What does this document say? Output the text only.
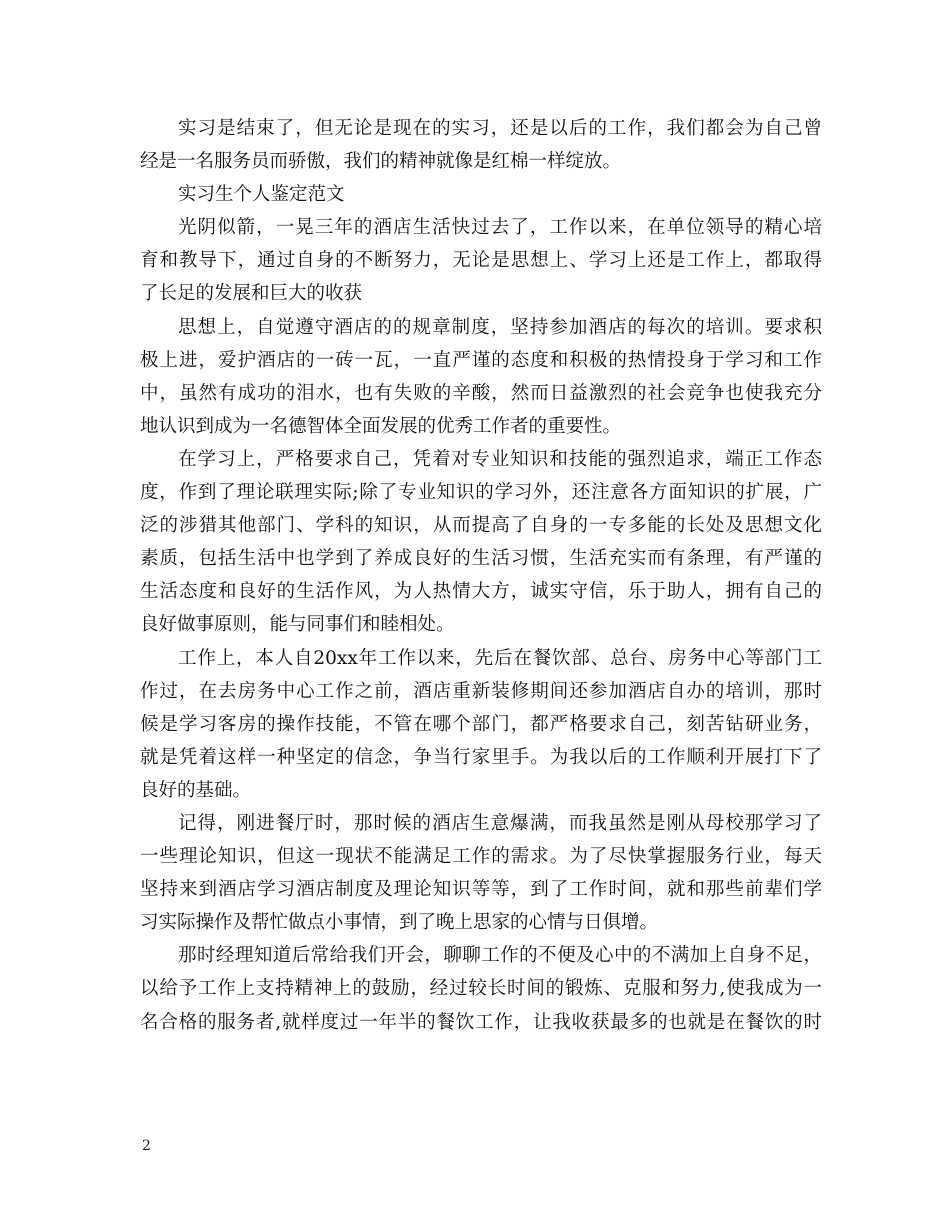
实习是结束了，但无论是现在的实习，还是以后的工作，我们都会为自己曾
经是一名服务员而骄傲，我们的精神就像是红棉一样绽放。
实习生个人鉴定范文
光阴似箭，一晃三年的酒店生活快过去了，工作以来，在单位领导的精心培
育和教导下，通过自身的不断努力，无论是思想上、学习上还是工作上，都取得
了长足的发展和巨大的收获
思想上，自觉遵守酒店的的规章制度，坚持参加酒店的每次的培训。要求积
极上进，爱护酒店的一砖一瓦，一直严谨的态度和积极的热情投身于学习和工作
中，虽然有成功的泪水，也有失败的辛酸，然而日益激烈的社会竞争也使我充分
地认识到成为一名德智体全面发展的优秀工作者的重要性。
在学习上，严格要求自己，凭着对专业知识和技能的强烈追求，端正工作态
度，作到了理论联理实际;除了专业知识的学习外，还注意各方面知识的扩展，广
泛的涉猎其他部门、学科的知识，从而提高了自身的一专多能的长处及思想文化
素质，包括生活中也学到了养成良好的生活习惯，生活充实而有条理，有严谨的
生活态度和良好的生活作风，为人热情大方，诚实守信，乐于助人，拥有自己的
良好做事原则，能与同事们和睦相处。
工作上，本人自20xx年工作以来，先后在餐饮部、总台、房务中心等部门工
作过，在去房务中心工作之前，酒店重新装修期间还参加酒店自办的培训，那时
候是学习客房的操作技能，不管在哪个部门，都严格要求自己，刻苦钻研业务，
就是凭着这样一种坚定的信念，争当行家里手。为我以后的工作顺利开展打下了
良好的基础。
记得，刚进餐厅时，那时候的酒店生意爆满，而我虽然是刚从母校那学习了
一些理论知识，但这一现状不能满足工作的需求。为了尽快掌握服务行业，每天
坚持来到酒店学习酒店制度及理论知识等等，到了工作时间，就和那些前辈们学
习实际操作及帮忙做点小事情，到了晚上思家的心情与日俱增。
那时经理知道后常给我们开会，聊聊工作的不便及心中的不满加上自身不足，
以给予工作上支持精神上的鼓励，经过较长时间的锻炼、克服和努力,使我成为一
名合格的服务者,就样度过一年半的餐饮工作，让我收获最多的也就是在餐饮的时
2
